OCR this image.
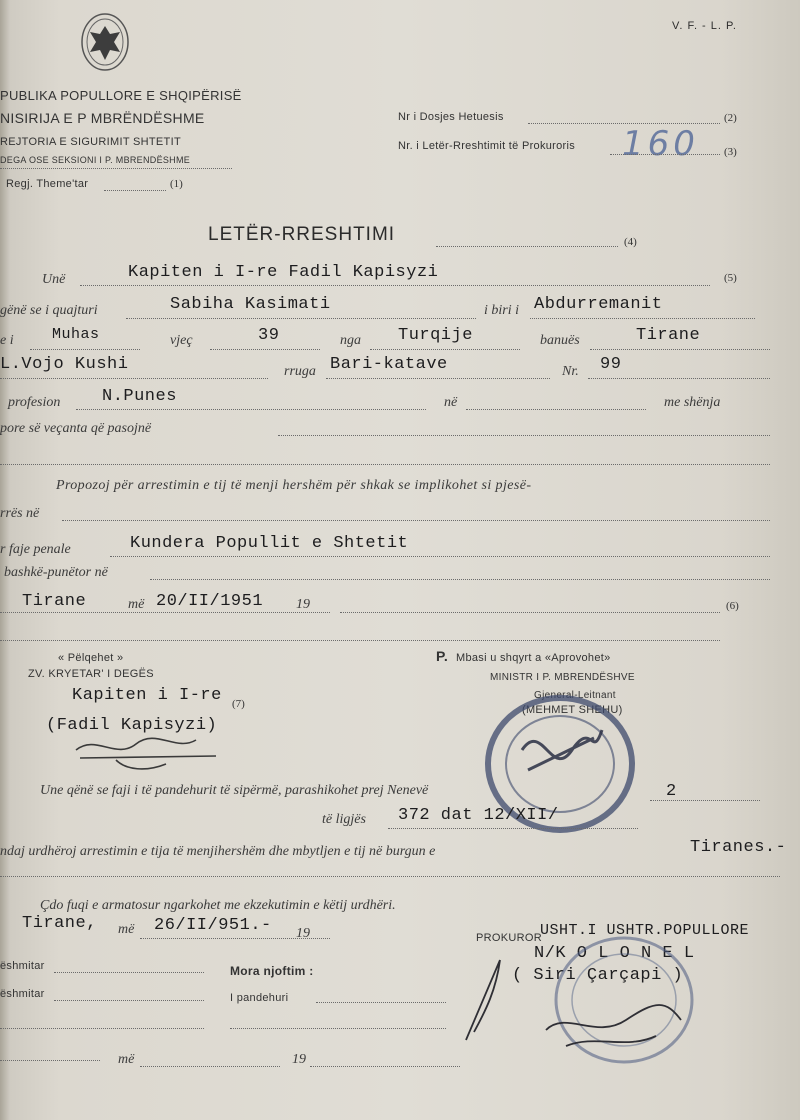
V. F. - L. P.
PUBLIKA POPULLORE E SHQIPËRISË
NISIRIJA E P MBRËNDËSHME
REJTORIA E SIGURIMIT SHTETIT
DEGA OSE SEKSIONI I P. MBRENDËSHME
Regj. Theme'tar	(1)
Nr i Dosjes Hetuesis	(2)
Nr. i Letër-Rreshtimit të Prokuroris 160 (3)
LETËR-RRESHTIMI	(4)
Unë	Kapiten i I-re Fadil Kapisyzi	(5)
gënë se i quajturi	Sabiha Kasimati	i biri i Abdurremanit
e i	Muhas	vjeç	39	nga Turqije	banuës	Tirane
L.Vojo Kushi	rruga Bari-katave	Nr. 99
profesion N.Punes	në	me shënja
pore së veçanta që pasojnë
Propozoj për arrestimin e tij të menji hershëm për shkak se implikohet si pjesë-
rrës në
r faje penale	Kundera Popullit e Shtetit
bashkë-punëtor në
Tirane	më 20/II/1951 19	(6)
« Pëlqehet »
ZV. KRYETAR' I DEGËS
Kapiten i I-re (7)
(Fadil Kapisyzi)
P. Mbasi u shqyrt a «Aprovohet»
MINISTR I P. MBRENDËSHVE
Gjeneral-Leitnant
(MEHMET SHEHU)
Une qënë se faji i të pandehurit të sipërmë, parashikohet prej Nenevë	2
të ligjës 372 dat 12/XII/
ndaj urdhëroj arrestimin e tija të menjihershëm dhe mbytljen e tij në burgun e	Tiranes.-
Çdo fuqi e armatosur ngarkohet me ekzekutimin e këtij urdhëri.
Tirane, më 26/II/951.- 19	PROKUROR
USHT.I USHTR.POPULLORE
N/K O L O N E L
( Siri Çarçapi )
ëshmitar
ëshmitar
Mora njoftim :
I pandehuri
më	19
